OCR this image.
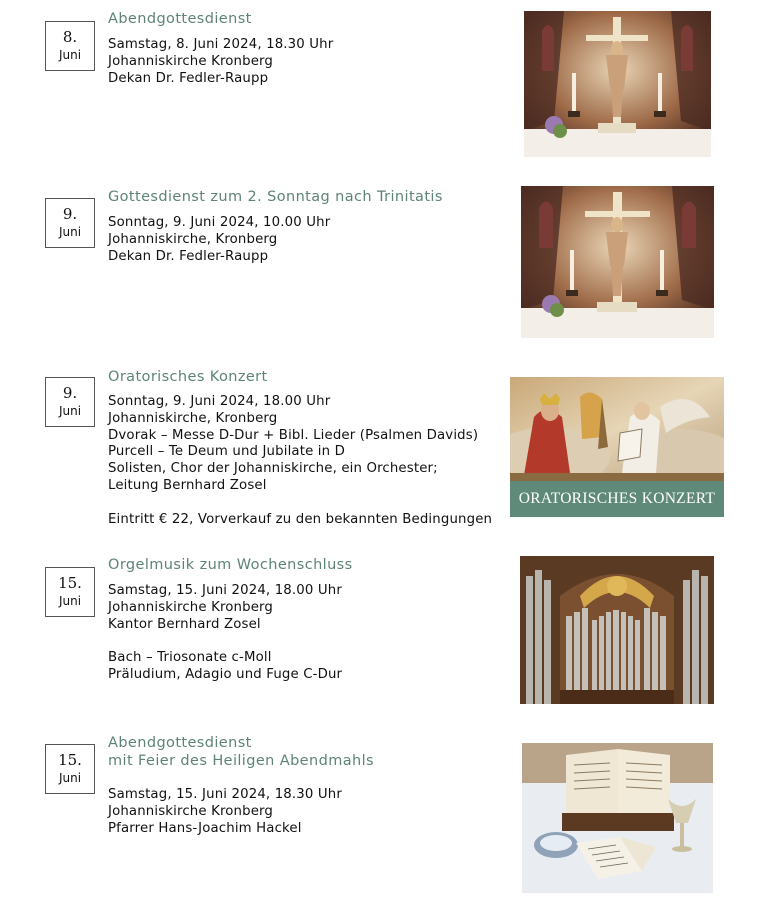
8.
Juni
Abendgottesdienst
Samstag, 8. Juni 2024, 18.30 Uhr
Johanniskirche Kronberg
Dekan Dr. Fedler-Raupp
9.
Juni
Gottesdienst zum 2. Sonntag nach Trinitatis
Sonntag, 9. Juni 2024, 10.00 Uhr
Johanniskirche, Kronberg
Dekan Dr. Fedler-Raupp
9.
Juni
Oratorisches Konzert
Sonntag, 9. Juni 2024, 18.00 Uhr
Johanniskirche, Kronberg
Dvorak – Messe D-Dur + Bibl. Lieder (Psalmen Davids)
Purcell – Te Deum und Jubilate in D
Solisten, Chor der Johanniskirche, ein Orchester;
Leitung Bernhard Zosel
Eintritt € 22, Vorverkauf zu den bekannten Bedingungen
ORATORISCHES KONZERT
15.
Juni
Orgelmusik zum Wochenschluss
Samstag, 15. Juni 2024, 18.00 Uhr
Johanniskirche Kronberg
Kantor Bernhard Zosel
Bach – Triosonate c-Moll
Präludium, Adagio und Fuge C-Dur
15.
Juni
Abendgottesdienst
mit Feier des Heiligen Abendmahls
Samstag, 15. Juni 2024, 18.30 Uhr
Johanniskirche Kronberg
Pfarrer Hans-Joachim Hackel
